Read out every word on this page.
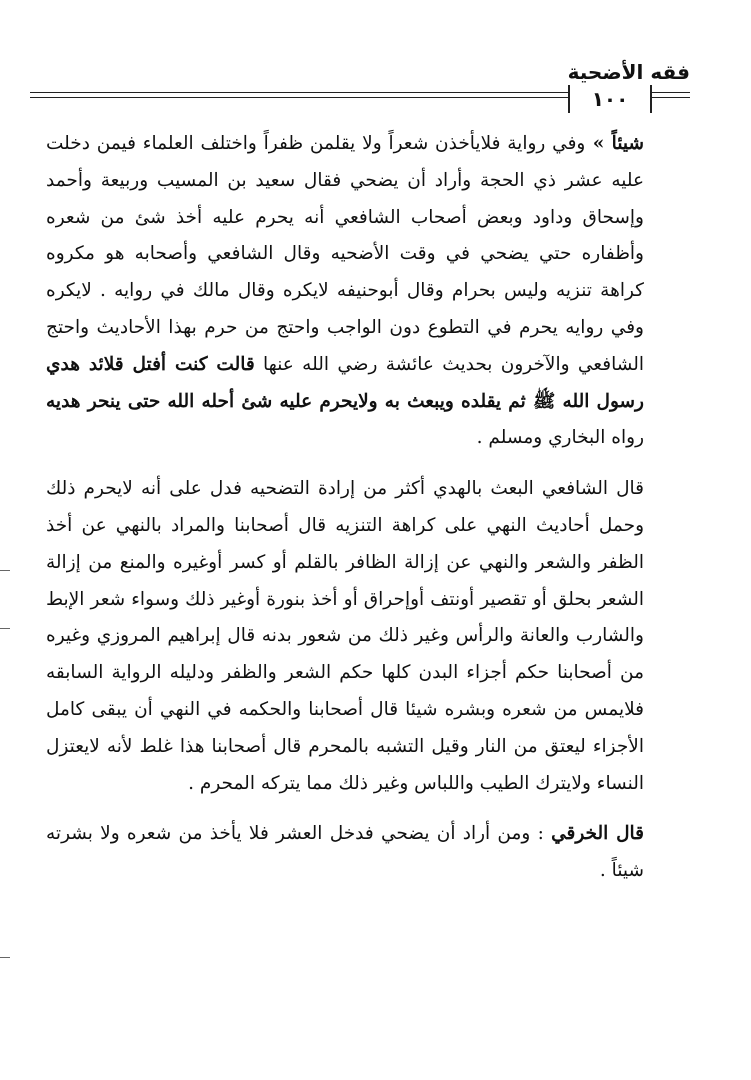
فقه الأضحية
١٠٠

شيئاً » وفي رواية فلايأخذن شعراً ولا يقلمن ظفراً واختلف العلماء فيمن دخلت عليه عشر ذي الحجة وأراد أن يضحي فقال سعيد بن المسيب وربيعة وأحمد وإسحاق وداود وبعض أصحاب الشافعي أنه يحرم عليه أخذ شئ من شعره وأظفاره حتي يضحي في وقت الأضحيه وقال الشافعي وأصحابه هو مكروه كراهة تنزيه وليس بحرام وقال أبوحنيفه لايكره وقال مالك في روايه . لايكره وفي روايه يحرم في التطوع دون الواجب واحتج من حرم بهذا الأحاديث واحتج الشافعي والآخرون بحديث عائشة رضي الله عنها قالت كنت أفتل قلائد هدي رسول الله ﷺ ثم يقلده ويبعث به ولايحرم عليه شئ أحله الله حتى ينحر هديه رواه البخاري ومسلم .

قال الشافعي البعث بالهدي أكثر من إرادة التضحيه فدل على أنه لايحرم ذلك وحمل أحاديث النهي على كراهة التنزيه قال أصحابنا والمراد بالنهي عن أخذ الظفر والشعر والنهي عن إزالة الظافر بالقلم أو كسر أوغيره والمنع من إزالة الشعر بحلق أو تقصير أونتف أوإحراق أو أخذ بنورة أوغير ذلك وسواء شعر الإبط والشارب والعانة والرأس وغير ذلك من شعور بدنه قال إبراهيم المروزي وغيره من أصحابنا حكم أجزاء البدن كلها حكم الشعر والظفر ودليله الرواية السابقه فلايمس من شعره وبشره شيئا قال أصحابنا والحكمه في النهي أن يبقى كامل الأجزاء ليعتق من النار وقيل التشبه بالمحرم قال أصحابنا هذا غلط لأنه لايعتزل النساء ولايترك الطيب واللباس وغير ذلك مما يتركه المحرم .

قال الخرقي : ومن أراد أن يضحي فدخل العشر فلا يأخذ من شعره ولا بشرته شيئاً .
